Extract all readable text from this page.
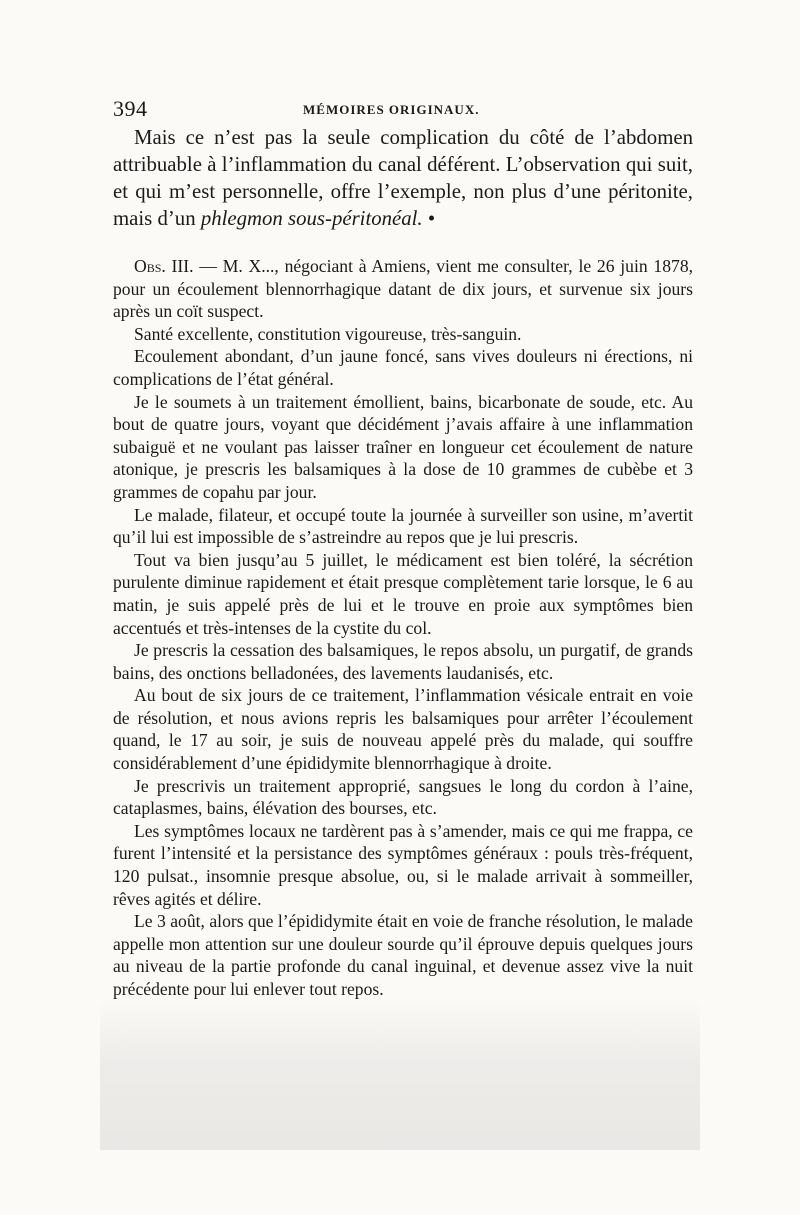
394	MÉMOIRES ORIGINAUX.

Mais ce n’est pas la seule complication du côté de l’abdomen attribuable à l’inflammation du canal déférent. L’observation qui suit, et qui m’est personnelle, offre l’exemple, non plus d’une péritonite, mais d’un phlegmon sous-péritonéal. •

Obs. III. — M. X..., négociant à Amiens, vient me consulter, le 26 juin 1878, pour un écoulement blennorrhagique datant de dix jours, et survenue six jours après un coït suspect.

Santé excellente, constitution vigoureuse, très-sanguin.

Ecoulement abondant, d’un jaune foncé, sans vives douleurs ni érections, ni complications de l’état général.

Je le soumets à un traitement émollient, bains, bicarbonate de soude, etc. Au bout de quatre jours, voyant que décidément j’avais affaire à une inflammation subaiguë et ne voulant pas laisser traîner en longueur cet écoulement de nature atonique, je prescris les balsamiques à la dose de 10 grammes de cubèbe et 3 grammes de copahu par jour.

Le malade, filateur, et occupé toute la journée à surveiller son usine, m’avertit qu’il lui est impossible de s’astreindre au repos que je lui prescris.

Tout va bien jusqu’au 5 juillet, le médicament est bien toléré, la sécrétion purulente diminue rapidement et était presque complètement tarie lorsque, le 6 au matin, je suis appelé près de lui et le trouve en proie aux symptômes bien accentués et très-intenses de la cystite du col.

Je prescris la cessation des balsamiques, le repos absolu, un purgatif, de grands bains, des onctions belladonées, des lavements laudanisés, etc.

Au bout de six jours de ce traitement, l’inflammation vésicale entrait en voie de résolution, et nous avions repris les balsamiques pour arrêter l’écoulement quand, le 17 au soir, je suis de nouveau appelé près du malade, qui souffre considérablement d’une épididymite blennorrhagique à droite.

Je prescrivis un traitement approprié, sangsues le long du cordon à l’aine, cataplasmes, bains, élévation des bourses, etc.

Les symptômes locaux ne tardèrent pas à s’amender, mais ce qui me frappa, ce furent l’intensité et la persistance des symptômes généraux : pouls très-fréquent, 120 pulsat., insomnie presque absolue, ou, si le malade arrivait à sommeiller, rêves agités et délire.

Le 3 août, alors que l’épididymite était en voie de franche résolution, le malade appelle mon attention sur une douleur sourde qu’il éprouve depuis quelques jours au niveau de la partie profonde du canal inguinal, et devenue assez vive la nuit précédente pour lui enlever tout repos.
